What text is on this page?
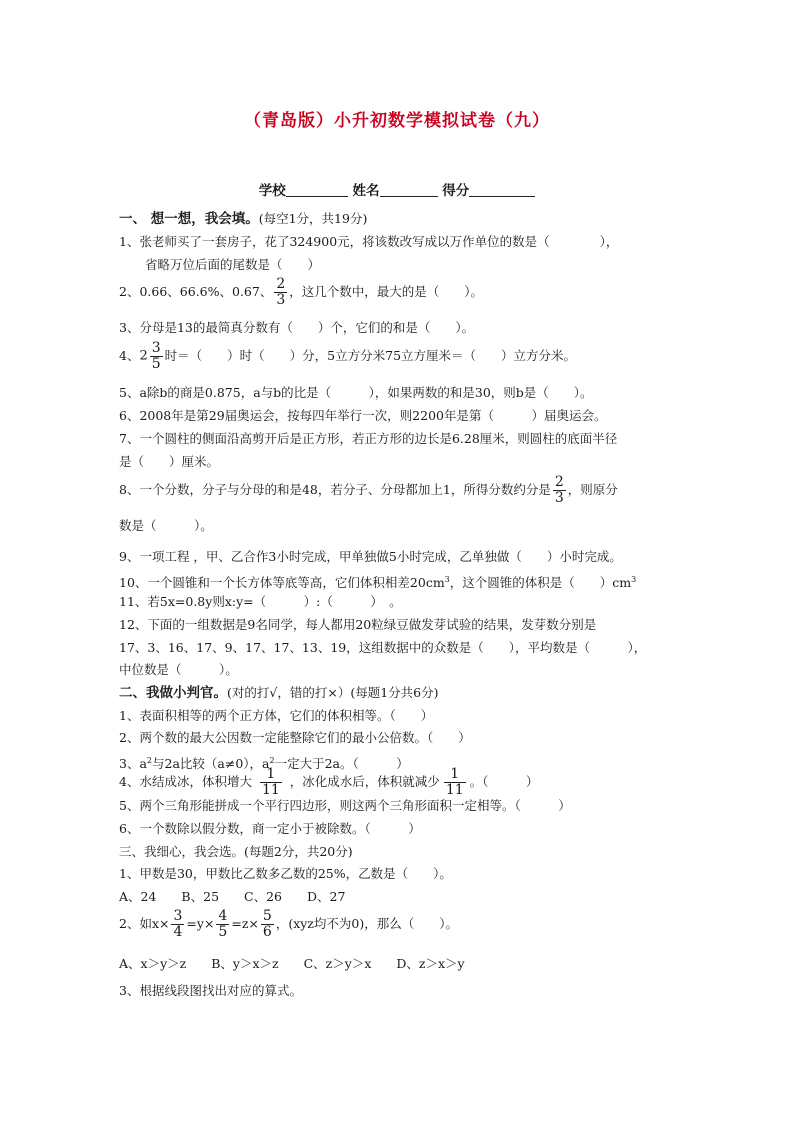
（青岛版）小升初数学模拟试卷（九）
学校	姓名	得分
一、 想一想，我会填。(每空1分，共19分)
1、张老师买了一套房子，花了324900元，将该数改写成以万作单位的数是（　　　　），
省略万位后面的尾数是（　　）
2、0.66、66.6%、0.67、 $\frac{2}{3}$ ，这几个数中，最大的是（　　）。
3、分母是13的最简真分数有（　　）个，它们的和是（　　）。
4、$2 \frac{3}{5}$ 时＝（　　）时（　　）分，5立方分米75立方厘米＝（　　）立方分米。
5、a除b的商是0.875，a与b的比是（　　　），如果两数的和是30，则b是（　　）。
6、2008年是第29届奥运会，按每四年举行一次，则2200年是第（　　　）届奥运会。
7、一个圆柱的侧面沿高剪开后是正方形，若正方形的边长是6.28厘米，则圆柱的底面半径
是（　　）厘米。
8、一个分数，分子与分母的和是48，若分子、分母都加上1，所得分数约分是 $\frac{2}{3}$ ，则原分
数是（　　　）。
9、一项工程 ，甲、乙合作3小时完成，甲单独做5小时完成，乙单独做（　　）小时完成。
10、一个圆锥和一个长方体等底等高，它们体积相差$20cm^3$，这个圆锥的体积是（　　）$cm^3$
11、若5x=0.8y则x:y=（　　　）:（　　　）　。
12、下面的一组数据是9名同学，每人都用20粒绿豆做发芽试验的结果，发芽数分别是
17、3、16、17、9、17、17、13、19，这组数据中的众数是（　　），平均数是（　　　），
中位数是（　　　）。
二、我做小判官。(对的打√，错的打×）(每题1分共6分)
1、表面积相等的两个正方体，它们的体积相等。（　　）
2、两个数的最大公因数一定能整除它们的最小公倍数。（　　）
3、$a^2$与2a比较（a≠0），$a^2$一定大于2a。（　　　）
4、水结成冰，体积增大 $\frac{1}{11}$ ，冰化成水后，体积就减少 $\frac{1}{11}$ 。（　　　）
5、两个三角形能拼成一个平行四边形，则这两个三角形面积一定相等。（　　　）
6、一个数除以假分数，商一定小于被除数。（　　　）
三、我细心，我会选。(每题2分，共20分)
1、甲数是30，甲数比乙数多乙数的25%，乙数是（　　）。
A、24　　B、25　　C、26　　D、27
2、如$x\times \frac{3}{4} =y\times \frac{4}{5} =z\times \frac{5}{6}$ ，(xyz均不为0)，那么（　　）。
A、x＞y＞z　　B、y＞x＞z　　C、z＞y＞x　　D、z＞x＞y
3、根据线段图找出对应的算式。
